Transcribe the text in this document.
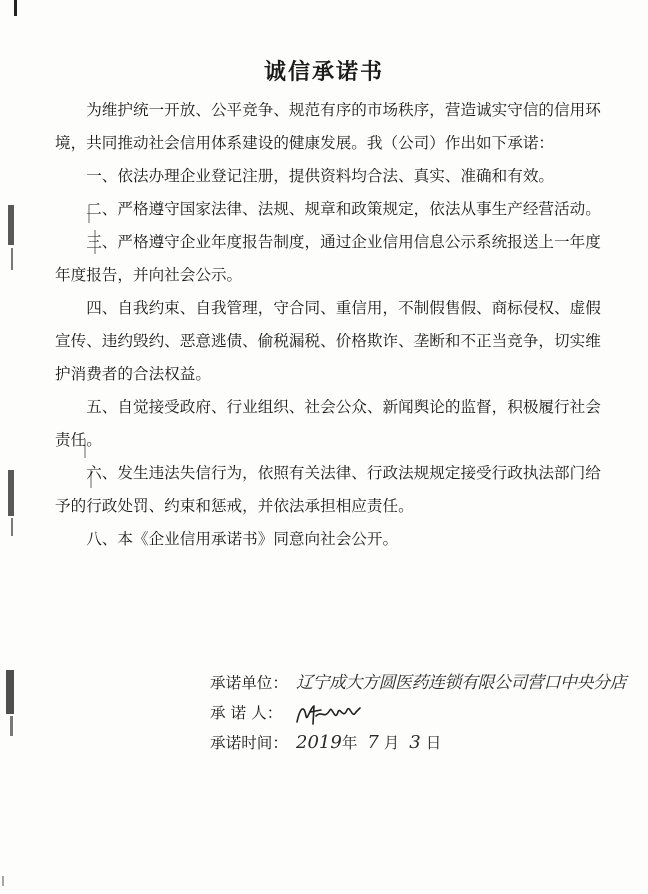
诚信承诺书

为维护统一开放、公平竞争、规范有序的市场秩序，营造诚实守信的信用环境，共同推动社会信用体系建设的健康发展。我（公司）作出如下承诺：

一、依法办理企业登记注册，提供资料均合法、真实、准确和有效。

二、严格遵守国家法律、法规、规章和政策规定，依法从事生产经营活动。

三、严格遵守企业年度报告制度，通过企业信用信息公示系统报送上一年度年度报告，并向社会公示。

四、自我约束、自我管理，守合同、重信用，不制假售假、商标侵权、虚假宣传、违约毁约、恶意逃债、偷税漏税、价格欺诈、垄断和不正当竞争，切实维护消费者的合法权益。

五、自觉接受政府、行业组织、社会公众、新闻舆论的监督，积极履行社会责任。

六、发生违法失信行为，依照有关法律、行政法规规定接受行政执法部门给予的行政处罚、约束和惩戒，并依法承担相应责任。

八、本《企业信用承诺书》同意向社会公开。

承诺单位： 辽宁成大方圆医药连锁有限公司营口中央分店
承 诺 人：
承诺时间： 2019年 7 月 3 日
